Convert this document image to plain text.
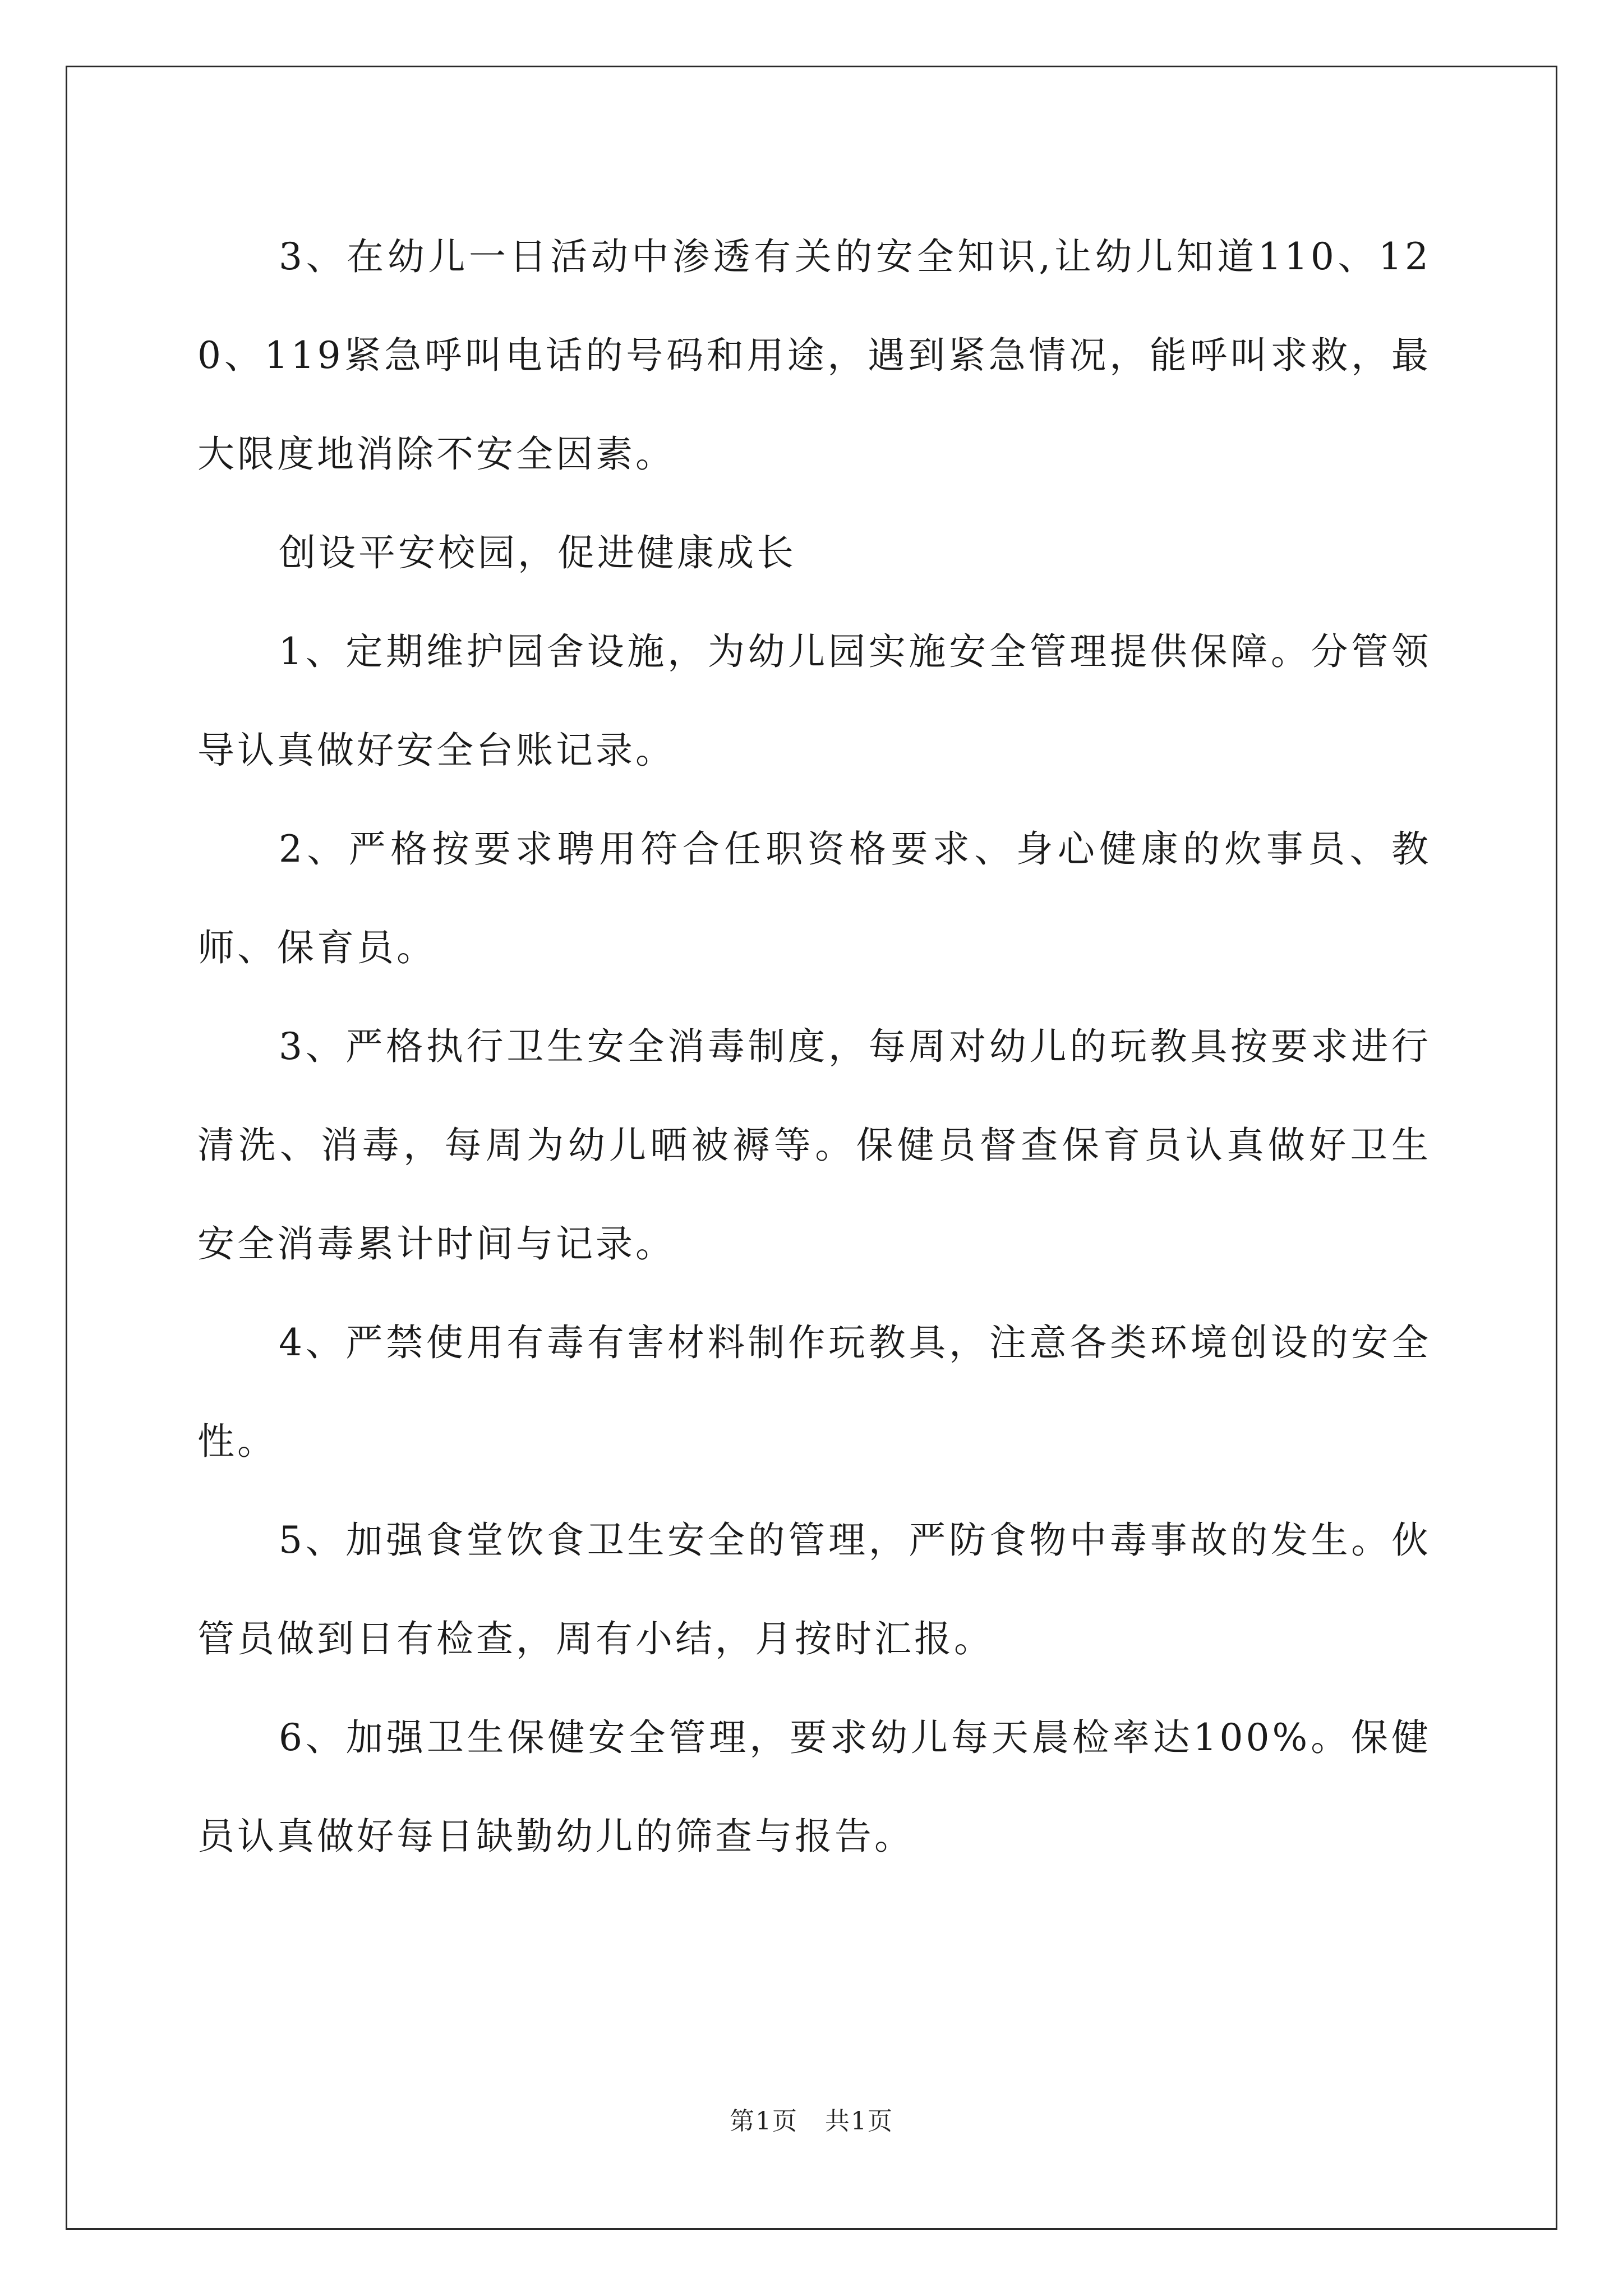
3、在幼儿一日活动中渗透有关的安全知识,让幼儿知道110、120、119紧急呼叫电话的号码和用途，遇到紧急情况，能呼叫求救，最大限度地消除不安全因素。

创设平安校园，促进健康成长

1、定期维护园舍设施，为幼儿园实施安全管理提供保障。分管领导认真做好安全台账记录。

2、严格按要求聘用符合任职资格要求、身心健康的炊事员、教师、保育员。

3、严格执行卫生安全消毒制度，每周对幼儿的玩教具按要求进行清洗、消毒，每周为幼儿晒被褥等。保健员督查保育员认真做好卫生安全消毒累计时间与记录。

4、严禁使用有毒有害材料制作玩教具，注意各类环境创设的安全性。

5、加强食堂饮食卫生安全的管理，严防食物中毒事故的发生。伙管员做到日有检查，周有小结，月按时汇报。

6、加强卫生保健安全管理，要求幼儿每天晨检率达100%。保健员认真做好每日缺勤幼儿的筛查与报告。

第1页 共1页
